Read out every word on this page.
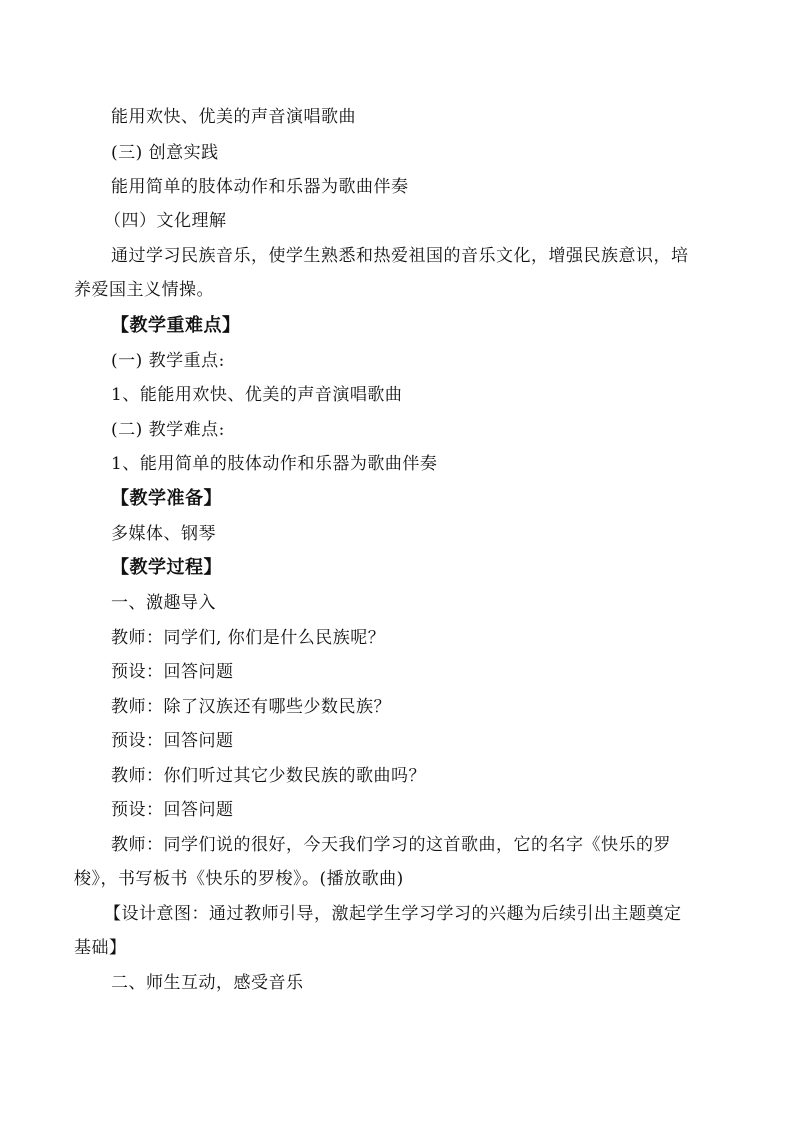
能用欢快、优美的声音演唱歌曲
(三) 创意实践
能用简单的肢体动作和乐器为歌曲伴奏
（四）文化理解
通过学习民族音乐，使学生熟悉和热爱祖国的音乐文化，增强民族意识，培
养爱国主义情操。
【教学重难点】
(一) 教学重点:
1、能能用欢快、优美的声音演唱歌曲
(二) 教学难点:
1、能用简单的肢体动作和乐器为歌曲伴奏
【教学准备】
多媒体、钢琴
【教学过程】
一、激趣导入
教师：同学们, 你们是什么民族呢？
预设：回答问题
教师：除了汉族还有哪些少数民族？
预设：回答问题
教师：你们听过其它少数民族的歌曲吗？
预设：回答问题
教师：同学们说的很好，今天我们学习的这首歌曲，它的名字《快乐的罗
梭》，书写板书《快乐的罗梭》。(播放歌曲)
【设计意图：通过教师引导，激起学生学习学习的兴趣为后续引出主题奠定
基础】
二、师生互动，感受音乐
